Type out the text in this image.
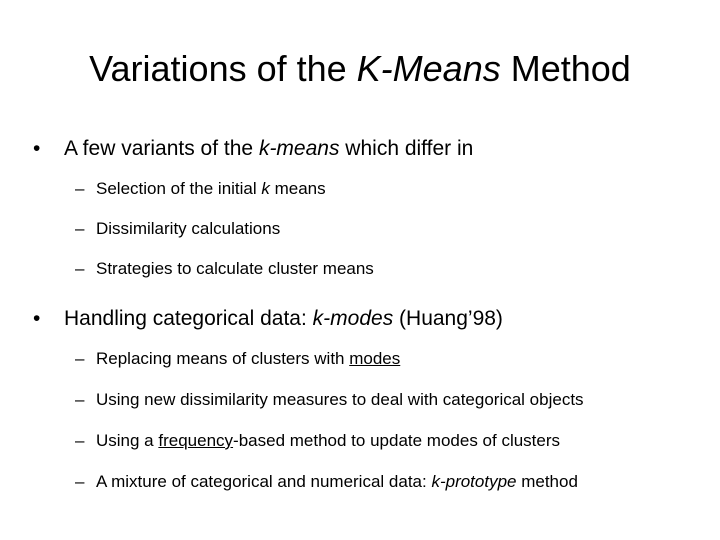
Variations of the K-Means Method
• A few variants of the k-means which differ in
– Selection of the initial k means
– Dissimilarity calculations
– Strategies to calculate cluster means
• Handling categorical data: k-modes (Huang’98)
– Replacing means of clusters with modes
– Using new dissimilarity measures to deal with categorical objects
– Using a frequency-based method to update modes of clusters
– A mixture of categorical and numerical data: k-prototype method
